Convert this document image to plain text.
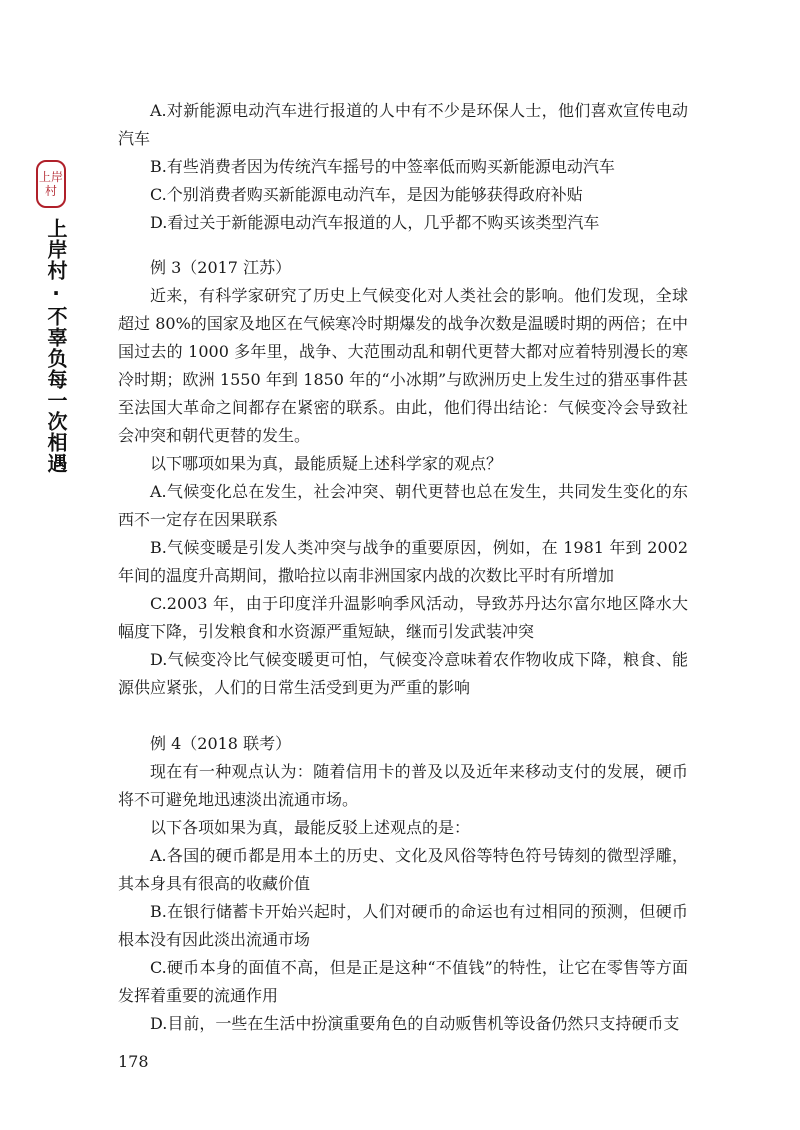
上岸
村
上岸村·不辜负每一次相遇

A.对新能源电动汽车进行报道的人中有不少是环保人士，他们喜欢宣传电动汽车

B.有些消费者因为传统汽车摇号的中签率低而购买新能源电动汽车

C.个别消费者购买新能源电动汽车，是因为能够获得政府补贴

D.看过关于新能源电动汽车报道的人，几乎都不购买该类型汽车

例 3（2017 江苏）

近来，有科学家研究了历史上气候变化对人类社会的影响。他们发现，全球超过 80%的国家及地区在气候寒冷时期爆发的战争次数是温暖时期的两倍；在中国过去的 1000 多年里，战争、大范围动乱和朝代更替大都对应着特别漫长的寒冷时期；欧洲 1550 年到 1850 年的“小冰期”与欧洲历史上发生过的猎巫事件甚至法国大革命之间都存在紧密的联系。由此，他们得出结论：气候变冷会导致社会冲突和朝代更替的发生。

以下哪项如果为真，最能质疑上述科学家的观点？

A.气候变化总在发生，社会冲突、朝代更替也总在发生，共同发生变化的东西不一定存在因果联系

B.气候变暖是引发人类冲突与战争的重要原因，例如，在 1981 年到 2002 年间的温度升高期间，撒哈拉以南非洲国家内战的次数比平时有所增加

C.2003 年，由于印度洋升温影响季风活动，导致苏丹达尔富尔地区降水大幅度下降，引发粮食和水资源严重短缺，继而引发武装冲突

D.气候变冷比气候变暖更可怕，气候变冷意味着农作物收成下降，粮食、能源供应紧张，人们的日常生活受到更为严重的影响

例 4（2018 联考）

现在有一种观点认为：随着信用卡的普及以及近年来移动支付的发展，硬币将不可避免地迅速淡出流通市场。

以下各项如果为真，最能反驳上述观点的是：

A.各国的硬币都是用本土的历史、文化及风俗等特色符号铸刻的微型浮雕，其本身具有很高的收藏价值

B.在银行储蓄卡开始兴起时，人们对硬币的命运也有过相同的预测，但硬币根本没有因此淡出流通市场

C.硬币本身的面值不高，但是正是这种“不值钱”的特性，让它在零售等方面发挥着重要的流通作用

D.目前，一些在生活中扮演重要角色的自动贩售机等设备仍然只支持硬币支

178
